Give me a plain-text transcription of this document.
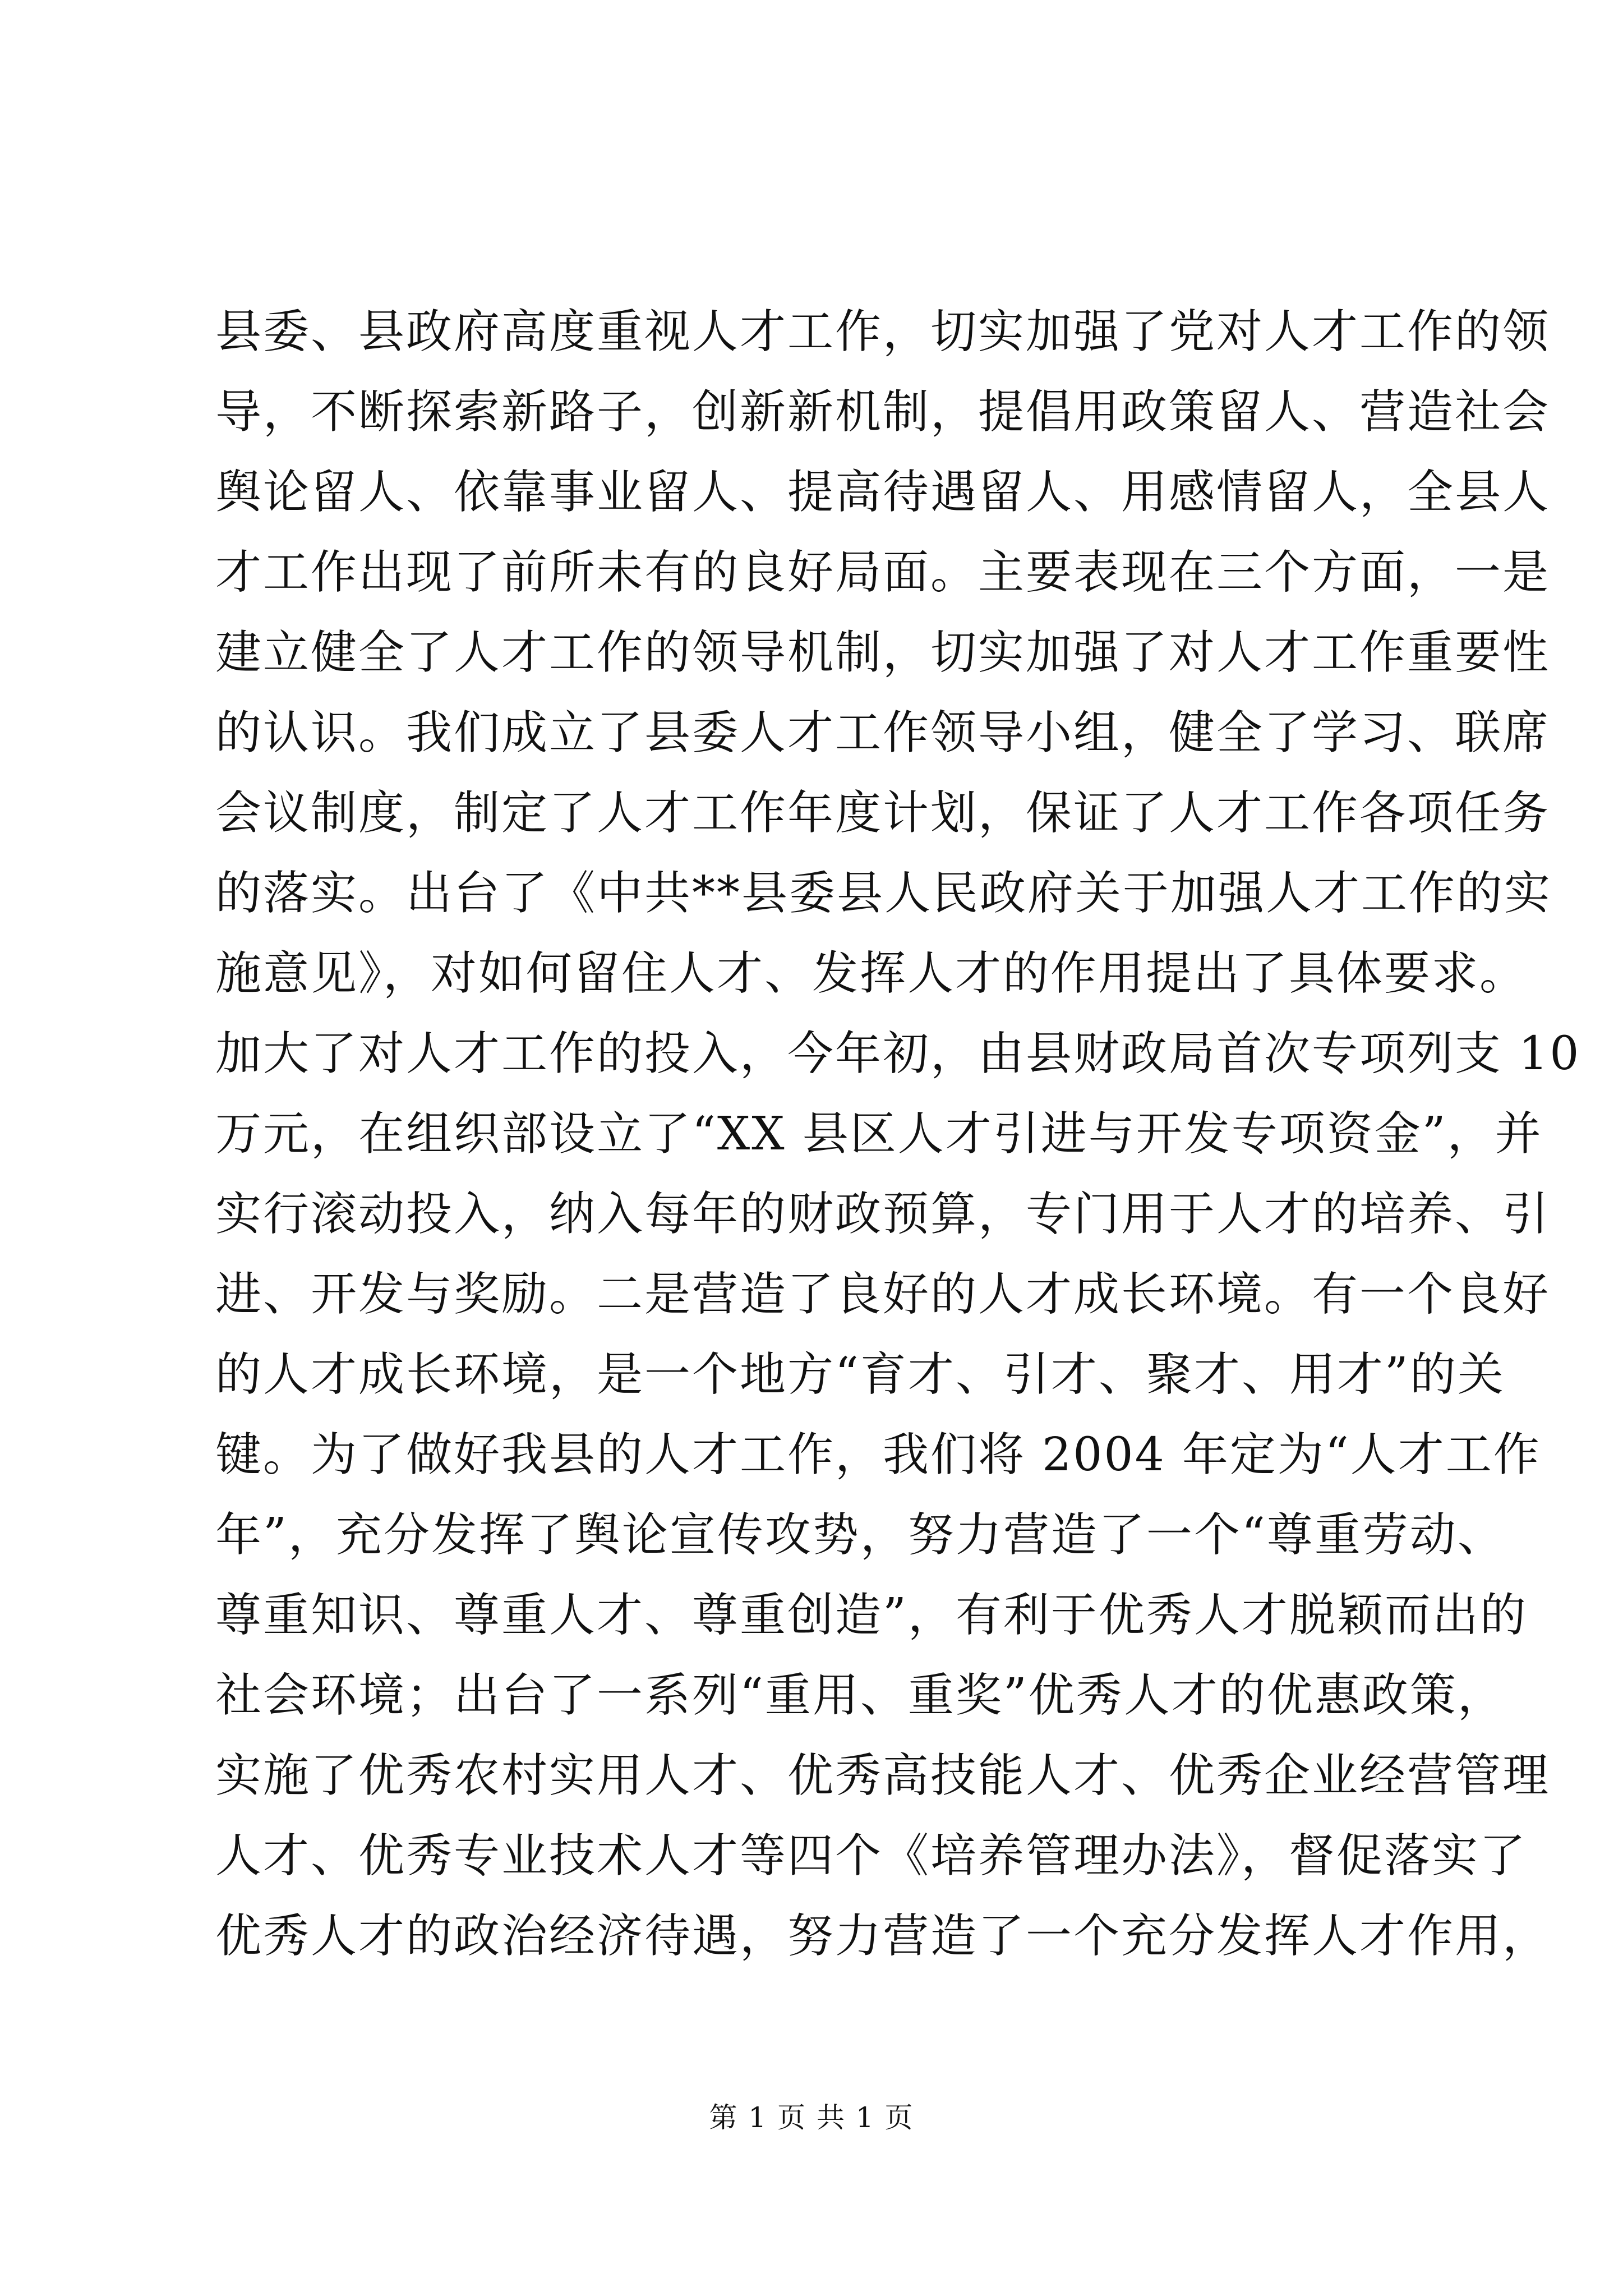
县委、县政府高度重视人才工作，切实加强了党对人才工作的领
导，不断探索新路子，创新新机制，提倡用政策留人、营造社会
舆论留人、依靠事业留人、提高待遇留人、用感情留人，全县人
才工作出现了前所未有的良好局面。主要表现在三个方面，一是
建立健全了人才工作的领导机制，切实加强了对人才工作重要性
的认识。我们成立了县委人才工作领导小组，健全了学习、联席
会议制度，制定了人才工作年度计划，保证了人才工作各项任务
的落实。出台了《中共**县委县人民政府关于加强人才工作的实
施意见》，对如何留住人才、发挥人才的作用提出了具体要求。
加大了对人才工作的投入，今年初，由县财政局首次专项列支 10
万元，在组织部设立了“XX 县区人才引进与开发专项资金”，并
实行滚动投入，纳入每年的财政预算，专门用于人才的培养、引
进、开发与奖励。二是营造了良好的人才成长环境。有一个良好
的人才成长环境，是一个地方“育才、引才、聚才、用才”的关
键。为了做好我县的人才工作，我们将 2004 年定为“人才工作
年”，充分发挥了舆论宣传攻势，努力营造了一个“尊重劳动、
尊重知识、尊重人才、尊重创造”，有利于优秀人才脱颖而出的
社会环境；出台了一系列“重用、重奖”优秀人才的优惠政策，
实施了优秀农村实用人才、优秀高技能人才、优秀企业经营管理
人才、优秀专业技术人才等四个《培养管理办法》，督促落实了
优秀人才的政治经济待遇，努力营造了一个充分发挥人才作用，
第 1 页 共 1 页
